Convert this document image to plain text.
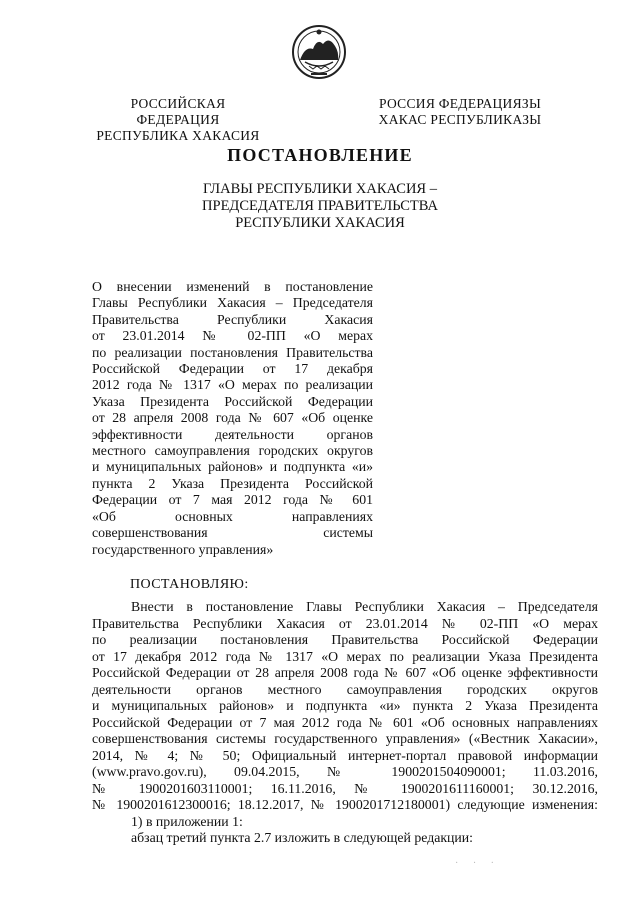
РОССИЙСКАЯ ФЕДЕРАЦИЯ
РЕСПУБЛИКА ХАКАСИЯ
РОССИЯ ФЕДЕРАЦИЯЗЫ
ХАКАС РЕСПУБЛИКАЗЫ
ПОСТАНОВЛЕНИЕ
ГЛАВЫ РЕСПУБЛИКИ ХАКАСИЯ –
ПРЕДСЕДАТЕЛЯ ПРАВИТЕЛЬСТВА
РЕСПУБЛИКИ ХАКАСИЯ
О внесении изменений в постановление
Главы Республики Хакасия – Председателя
Правительства Республики Хакасия
от 23.01.2014 № 02-ПП «О мерах
по реализации постановления Правительства
Российской Федерации от 17 декабря
2012 года № 1317 «О мерах по реализации
Указа Президента Российской Федерации
от 28 апреля 2008 года № 607 «Об оценке
эффективности деятельности органов
местного самоуправления городских округов
и муниципальных районов» и подпункта «и»
пункта 2 Указа Президента Российской
Федерации от 7 мая 2012 года № 601
«Об основных направлениях
совершенствования системы
государственного управления»
ПОСТАНОВЛЯЮ:
Внести в постановление Главы Республики Хакасия – Председателя
Правительства Республики Хакасия от 23.01.2014 № 02-ПП «О мерах
по реализации постановления Правительства Российской Федерации
от 17 декабря 2012 года № 1317 «О мерах по реализации Указа Президента
Российской Федерации от 28 апреля 2008 года № 607 «Об оценке эффективности
деятельности органов местного самоуправления городских округов
и муниципальных районов» и подпункта «и» пункта 2 Указа Президента
Российской Федерации от 7 мая 2012 года № 601 «Об основных направлениях
совершенствования системы государственного управления» («Вестник Хакасии»,
2014, № 4; № 50; Официальный интернет-портал правовой информации
(www.pravo.gov.ru), 09.04.2015, № 1900201504090001; 11.03.2016,
№ 1900201603110001; 16.11.2016, № 1900201611160001; 30.12.2016,
№ 1900201612300016; 18.12.2017, № 1900201712180001) следующие изменения:
1) в приложении 1:
абзац третий пункта 2.7 изложить в следующей редакции:
· · ·
